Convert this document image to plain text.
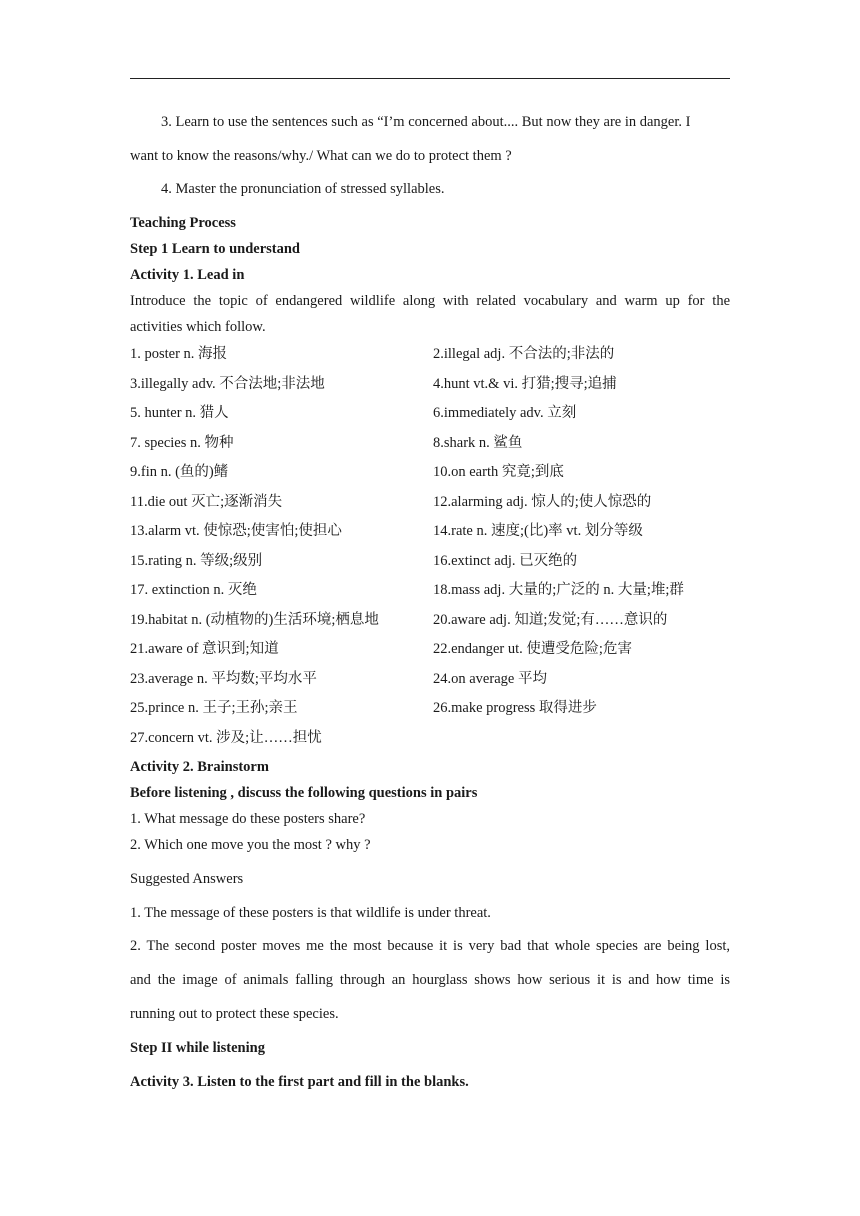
3. Learn to use the sentences such as “I’m concerned about.... But now they are in danger. I
want to know the reasons/why./ What can we do to protect them ?
4. Master the pronunciation of stressed syllables.
Teaching Process
Step 1 Learn to understand
Activity 1. Lead in
Introduce the topic of endangered wildlife along with related vocabulary and warm up for the
activities which follow.
1. poster n. 海报	2.illegal adj. 不合法的;非法的
3.illegally adv. 不合法地;非法地	4.hunt vt.& vi. 打猎;搜寻;追捕
5. hunter n. 猎人	6.immediately adv. 立刻
7. species n. 物种	8.shark n. 鲨鱼
9.fin n. (鱼的)鳍	10.on earth 究竟;到底
11.die out 灭亡;逐渐消失	12.alarming adj. 惊人的;使人惊恐的
13.alarm vt. 使惊恐;使害怕;使担心	14.rate n. 速度;(比)率 vt. 划分等级
15.rating n. 等级;级别	16.extinct adj. 已灭绝的
17. extinction n. 灭绝	18.mass adj. 大量的;广泛的 n. 大量;堆;群
19.habitat n. (动植物的)生活环境;栖息地	20.aware adj. 知道;发觉;有……意识的
21.aware of 意识到;知道	22.endanger ut. 使遭受危险;危害
23.average n. 平均数;平均水平	24.on average 平均
25.prince n. 王子;王孙;亲王	26.make progress 取得进步
27.concern vt. 涉及;让……担忧
Activity 2. Brainstorm
Before listening , discuss the following questions in pairs
1. What message do these posters share?
2. Which one move you the most ? why ?
Suggested Answers
1. The message of these posters is that wildlife is under threat.
2. The second poster moves me the most because it is very bad that whole species are being lost,
and the image of animals falling through an hourglass shows how serious it is and how time is
running out to protect these species.
Step II while listening
Activity 3. Listen to the first part and fill in the blanks.
